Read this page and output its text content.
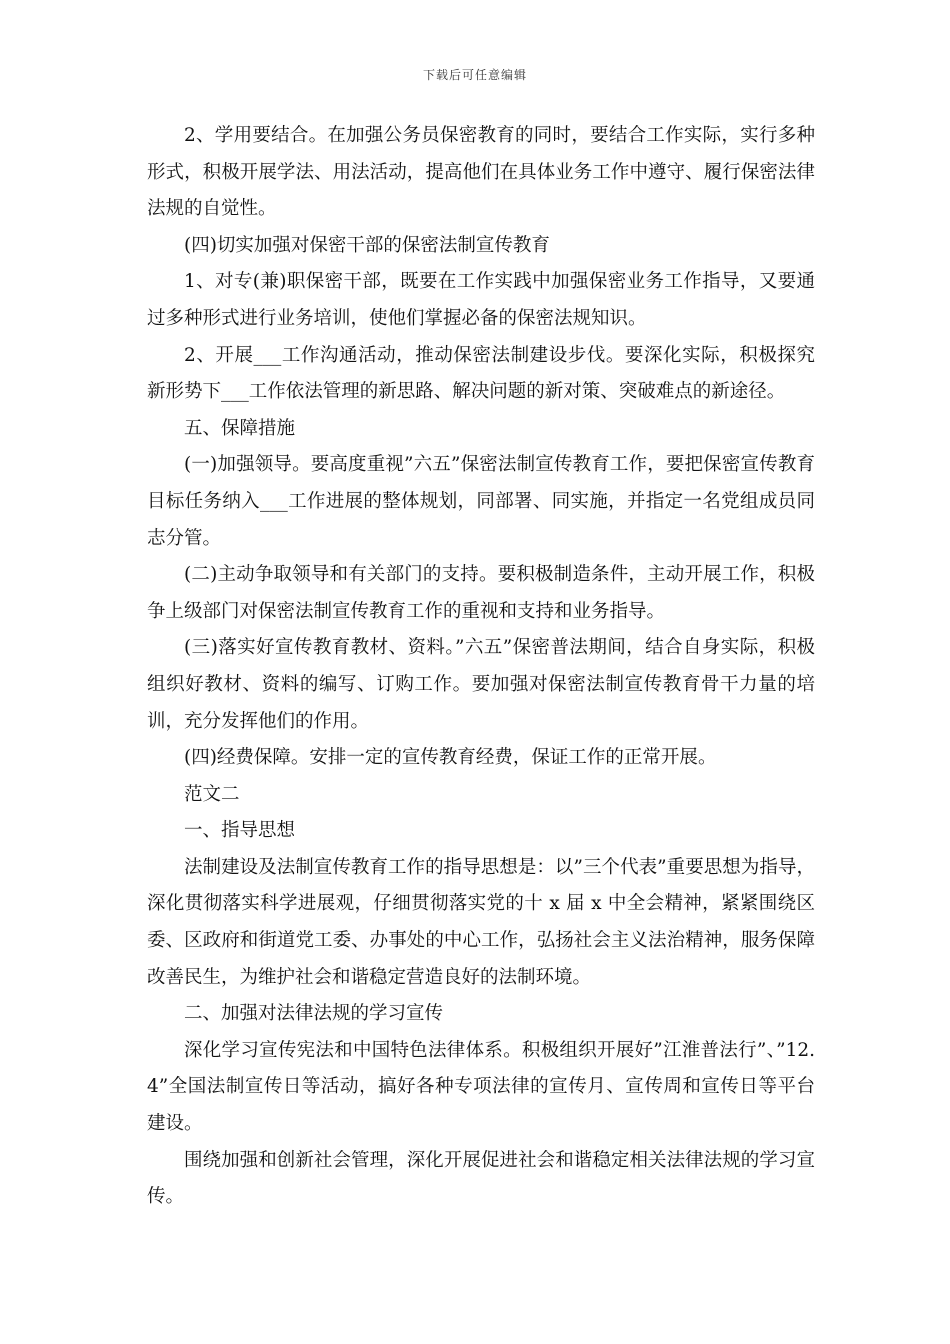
下载后可任意编辑

2、学用要结合。在加强公务员保密教育的同时，要结合工作实际，实行多种形式，积极开展学法、用法活动，提高他们在具体业务工作中遵守、履行保密法律法规的自觉性。

(四)切实加强对保密干部的保密法制宣传教育

1、对专(兼)职保密干部，既要在工作实践中加强保密业务工作指导，又要通过多种形式进行业务培训，使他们掌握必备的保密法规知识。

2、开展___工作沟通活动，推动保密法制建设步伐。要深化实际，积极探究新形势下___工作依法管理的新思路、解决问题的新对策、突破难点的新途径。

五、保障措施

(一)加强领导。要高度重视”六五”保密法制宣传教育工作，要把保密宣传教育目标任务纳入___工作进展的整体规划，同部署、同实施，并指定一名党组成员同志分管。

(二)主动争取领导和有关部门的支持。要积极制造条件，主动开展工作，积极争上级部门对保密法制宣传教育工作的重视和支持和业务指导。

(三)落实好宣传教育教材、资料。”六五”保密普法期间，结合自身实际，积极组织好教材、资料的编写、订购工作。要加强对保密法制宣传教育骨干力量的培训，充分发挥他们的作用。

(四)经费保障。安排一定的宣传教育经费，保证工作的正常开展。

范文二

一、指导思想

法制建设及法制宣传教育工作的指导思想是：以”三个代表”重要思想为指导，深化贯彻落实科学进展观，仔细贯彻落实党的十 x 届 x 中全会精神，紧紧围绕区委、区政府和街道党工委、办事处的中心工作，弘扬社会主义法治精神，服务保障改善民生，为维护社会和谐稳定营造良好的法制环境。

二、加强对法律法规的学习宣传

深化学习宣传宪法和中国特色法律体系。积极组织开展好”江淮普法行”、”12.4”全国法制宣传日等活动，搞好各种专项法律的宣传月、宣传周和宣传日等平台建设。

围绕加强和创新社会管理，深化开展促进社会和谐稳定相关法律法规的学习宣传。
